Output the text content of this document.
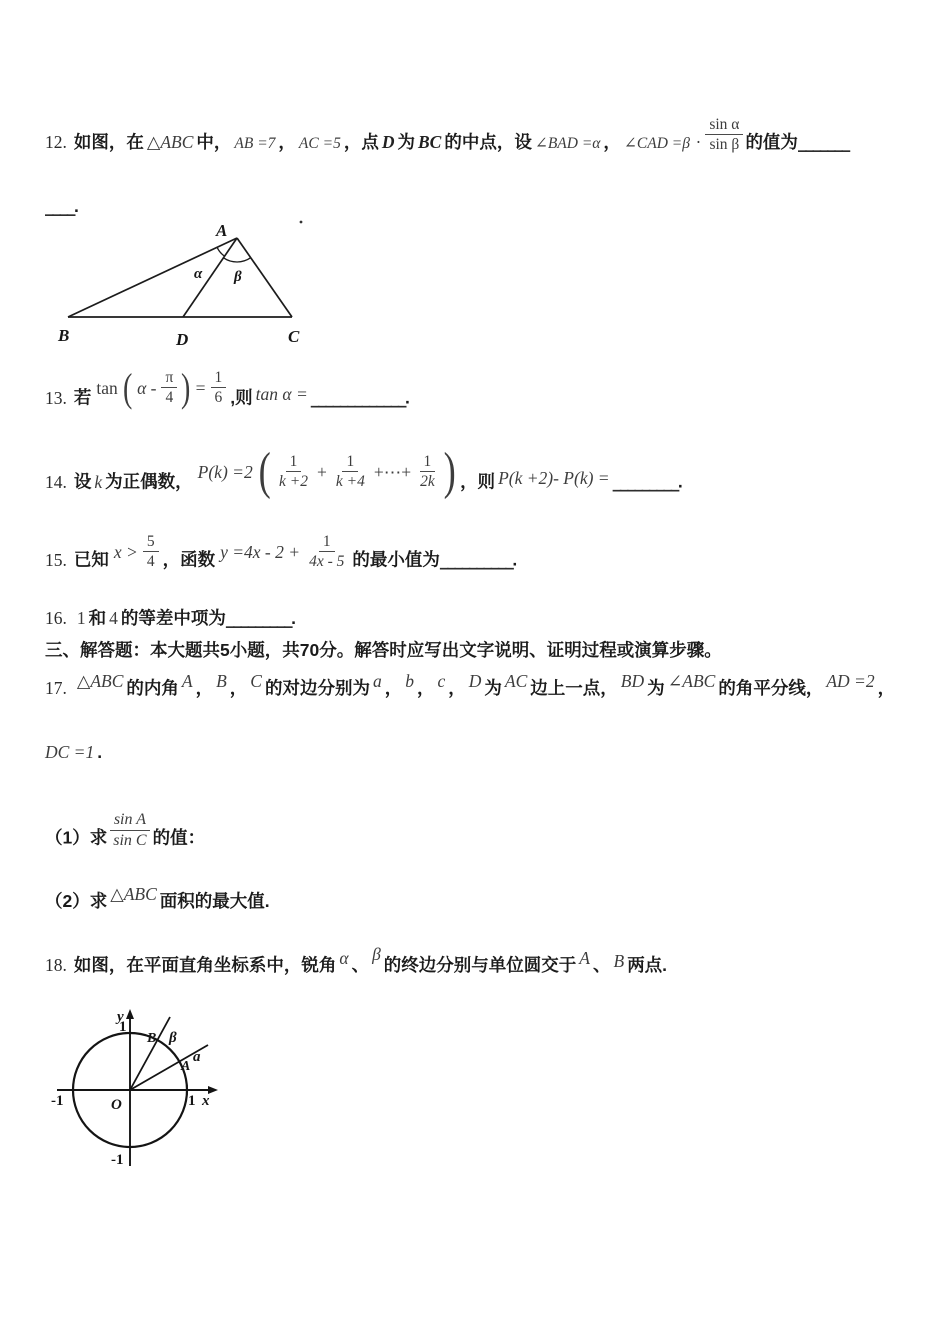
12. 如图，在 △ABC 中， AB =7 ， AC =5 ，点 D 为 BC 的中点，设 ∠BAD =α ， ∠CAD $=\beta \cdot \frac{\text{sin α}}{\text{sin β}}$ 的值为_______
____.
A
B	C
D
α β
13. 若 tan ( α - $\frac{\pi}{4}$ ) = $\frac{1}{6}$ ,则 tan α = _____________.
14. 设 k 为正偶数， P(k) =2 ( $\frac{1}{k +2} + \frac{1}{k +4}$ +⋯+ $\frac{1}{2k}$ ) ，则 P(k +2)- P(k) = _________.
15. 已知 $x > \frac{5}{4}$ ，函数 $y =4x - 2 + \frac{1}{4x - 5}$ 的最小值为__________.
16. 1 和 4 的等差中项为_________.
三、解答题：本大题共5小题，共70分。解答时应写出文字说明、证明过程或演算步骤。
17. △ABC 的内角 A ， B ， C 的对边分别为 a ， b ， c ， D 为 AC 边上一点， BD 为 ∠ABC 的角平分线， AD =2 ，
DC =1 .
（1）求 $\frac{\text{sin A}}{\text{sin C}}$ 的值：
（2）求 △ABC 面积的最大值.
18. 如图，在平面直角坐标系中，锐角 α 、β的终边分别与单位圆交于 A 、 B 两点.
y
x
O
1
-1	1
-1
B β
A
a
